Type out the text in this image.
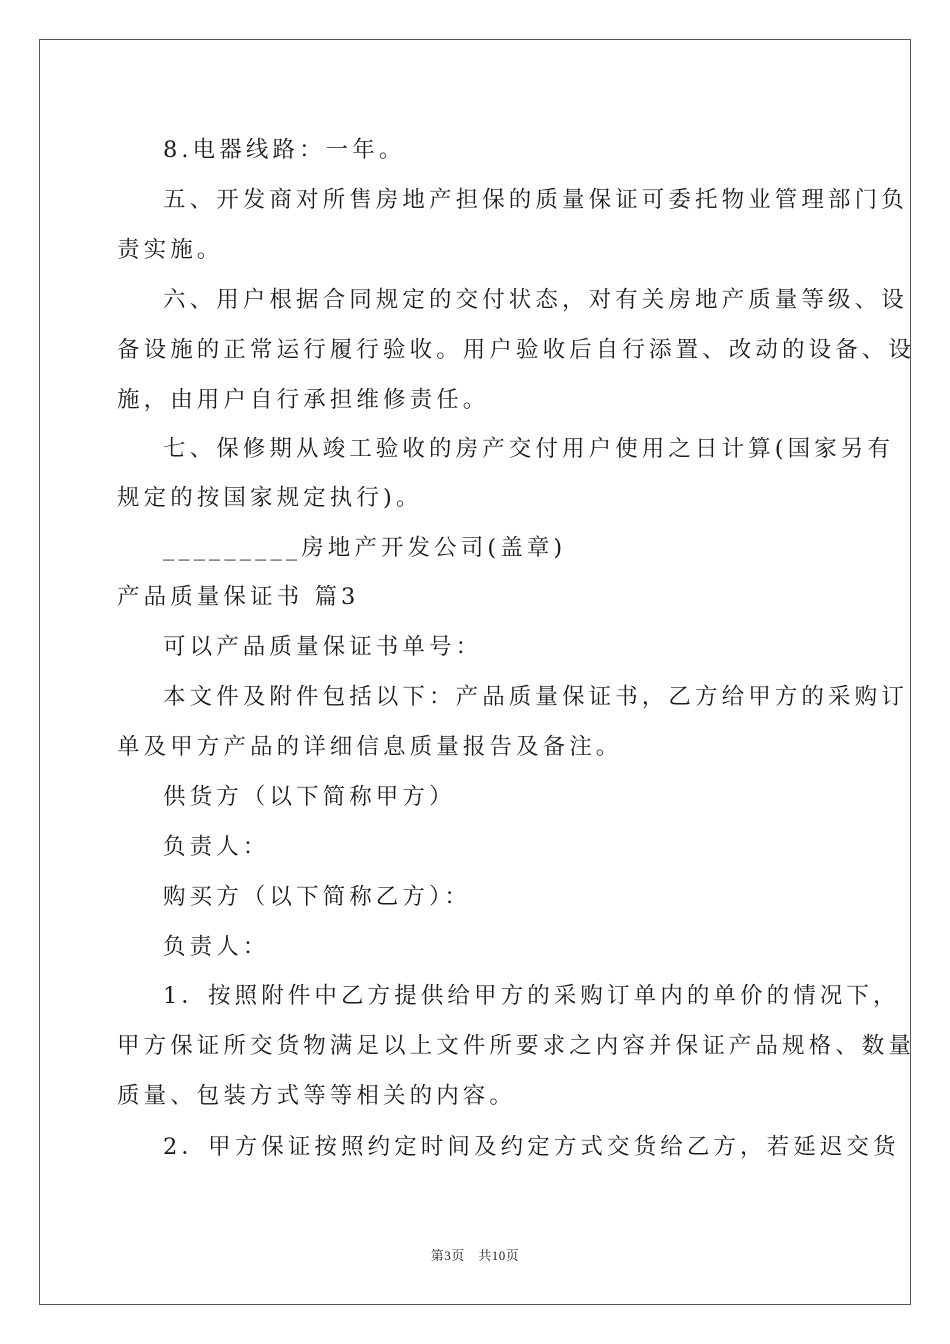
8.电器线路：一年。
五、开发商对所售房地产担保的质量保证可委托物业管理部门负
责实施。
六、用户根据合同规定的交付状态，对有关房地产质量等级、设
备设施的正常运行履行验收。用户验收后自行添置、改动的设备、设
施，由用户自行承担维修责任。
七、保修期从竣工验收的房产交付用户使用之日计算(国家另有
规定的按国家规定执行)。
_________房地产开发公司(盖章)
产品质量保证书 篇3
可以产品质量保证书单号：
本文件及附件包括以下：产品质量保证书，乙方给甲方的采购订
单及甲方产品的详细信息质量报告及备注。
供货方（以下简称甲方）
负责人：
购买方（以下简称乙方）：
负责人：
1．按照附件中乙方提供给甲方的采购订单内的单价的情况下，
甲方保证所交货物满足以上文件所要求之内容并保证产品规格、数量
质量、包装方式等等相关的内容。
2．甲方保证按照约定时间及约定方式交货给乙方，若延迟交货
第3页　共10页
